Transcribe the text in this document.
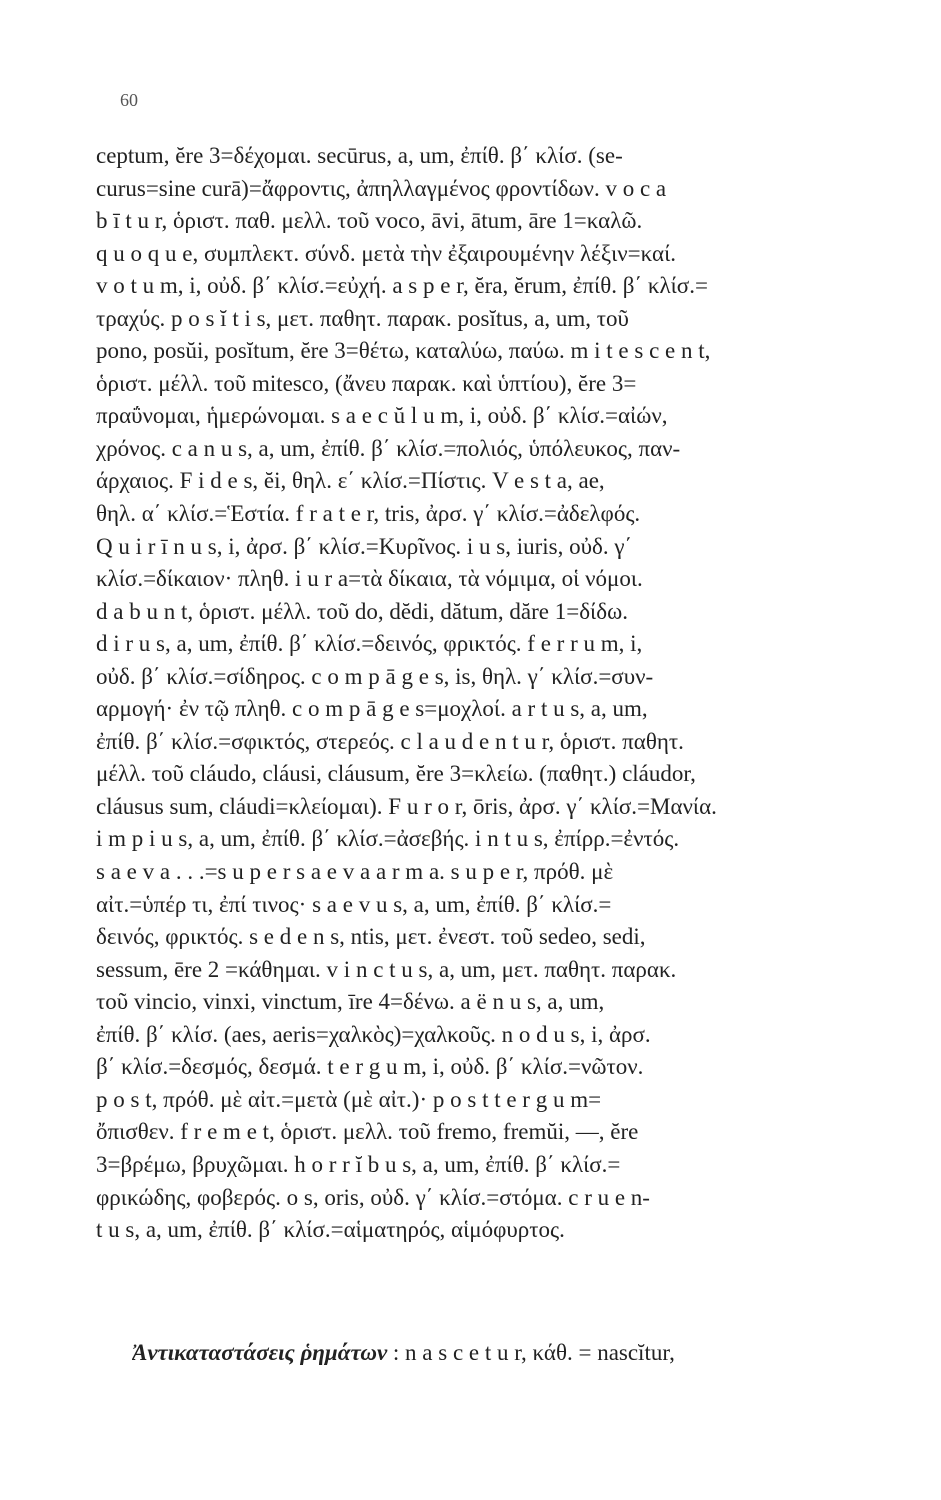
60
ceptum, ĕre 3=δέχομαι. secūrus, a, um, ἐπίθ. β΄ κλίσ. (se-
curus=sine curā)=ἄφροντις, ἀπηλλαγμένος φροντίδων. v o c a
b ī t u r, ὁριστ. παθ. μελλ. τοῦ voco, āvi, ātum, āre 1=καλῶ.
q u o q u e, συμπλεκτ. σύνδ. μετὰ τὴν ἐξαιρουμένην λέξιν=καί.
v o t u m, i, οὐδ. β΄ κλίσ.=εὐχή. a s p e r, ĕra, ĕrum, ἐπίθ. β΄ κλίσ.=
τραχύς. p o s ĭ t i s, μετ. παθητ. παρακ. posĭtus, a, um, τοῦ
pono, posŭi, posĭtum, ĕre 3=θέτω, καταλύω, παύω. m i t e s c e n t,
ὁριστ. μέλλ. τοῦ mitesco, (ἄνευ παρακ. καὶ ὑπτίου), ĕre 3=
πραΰνομαι, ἡμερώνομαι. s a e c ŭ l u m, i, οὐδ. β΄ κλίσ.=αἰών,
χρόνος. c a n u s, a, um, ἐπίθ. β΄ κλίσ.=πολιός, ὑπόλευκος, παν-
άρχαιος. F i d e s, ĕi, θηλ. ε΄ κλίσ.=Πίστις. V e s t a, ae,
θηλ. α΄ κλίσ.=Ἑστία. f r a t e r, tris, ἀρσ. γ΄ κλίσ.=ἀδελφός.
Q u i r ī n u s, i, ἀρσ. β΄ κλίσ.=Κυρῖνος. i u s, iuris, οὐδ. γ΄
κλίσ.=δίκαιον· πληθ. i u r a=τὰ δίκαια, τὰ νόμιμα, οἱ νόμοι.
d a b u n t, ὁριστ. μέλλ. τοῦ do, dĕdi, dătum, dăre 1=δίδω.
d i r u s, a, um, ἐπίθ. β΄ κλίσ.=δεινός, φρικτός. f e r r u m, i,
οὐδ. β΄ κλίσ.=σίδηρος. c o m p ā g e s, is, θηλ. γ΄ κλίσ.=συν-
αρμογή· ἐν τῷ πληθ. c o m p ā g e s=μοχλοί. a r t u s, a, um,
ἐπίθ. β΄ κλίσ.=σφικτός, στερεός. c l a u d e n t u r, ὁριστ. παθητ.
μέλλ. τοῦ cláudo, cláusi, cláusum, ĕre 3=κλείω. (παθητ.) cláudor,
cláusus sum, cláudi=κλείομαι). F u r o r, ōris, ἀρσ. γ΄ κλίσ.=Μανία.
i m p i u s, a, um, ἐπίθ. β΄ κλίσ.=ἀσεβής. i n t u s, ἐπίρρ.=ἐντός.
s a e v a . . .=s u p e r s a e v a a r m a. s u p e r, πρόθ. μὲ
αἰτ.=ὑπέρ τι, ἐπί τινος· s a e v u s, a, um, ἐπίθ. β΄ κλίσ.=
δεινός, φρικτός. s e d e n s, ntis, μετ. ἐνεστ. τοῦ sedeo, sedi,
sessum, ēre 2 =κάθημαι. v i n c t u s, a, um, μετ. παθητ. παρακ.
τοῦ vincio, vinxi, vinctum, īre 4=δένω. a ë n u s, a, um,
ἐπίθ. β΄ κλίσ. (aes, aeris=χαλκὸς)=χαλκοῦς. n o d u s, i, ἀρσ.
β΄ κλίσ.=δεσμός, δεσμά. t e r g u m, i, οὐδ. β΄ κλίσ.=νῶτον.
p o s t, πρόθ. μὲ αἰτ.=μετὰ (μὲ αἰτ.)· p o s t t e r g u m=
ὄπισθεν. f r e m e t, ὁριστ. μελλ. τοῦ fremo, fremŭi, —, ĕre
3=βρέμω, βρυχῶμαι. h o r r ĭ b u s, a, um, ἐπίθ. β΄ κλίσ.=
φρικώδης, φοβερός. o s, oris, οὐδ. γ΄ κλίσ.=στόμα. c r u e n-
t u s, a, um, ἐπίθ. β΄ κλίσ.=αἱματηρός, αἱμόφυρτος.
Ἀντικαταστάσεις ῥημάτων : n a s c e t u r, κάθ. = nascĭtur,
